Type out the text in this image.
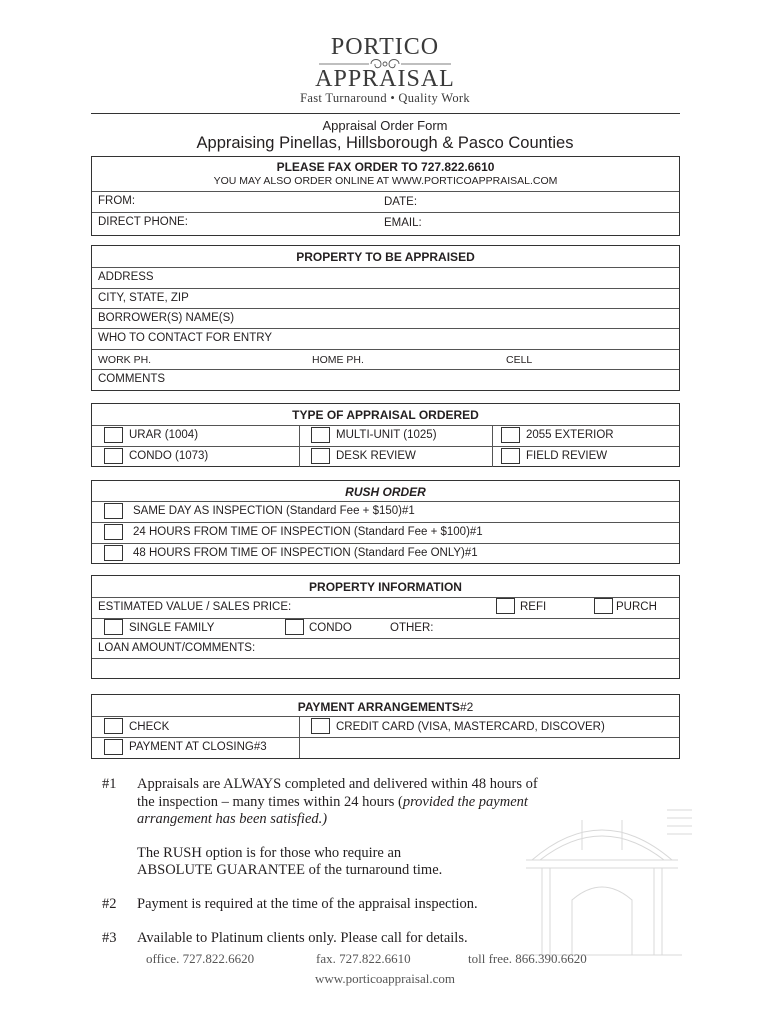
PORTICO
APPRAISAL
Fast Turnaround • Quality Work
Appraisal Order Form
Appraising Pinellas, Hillsborough & Pasco Counties
PLEASE FAX ORDER TO 727.822.6610
YOU MAY ALSO ORDER ONLINE AT WWW.PORTICOAPPRAISAL.COM
FROM:	DATE:
DIRECT PHONE:	EMAIL:
PROPERTY TO BE APPRAISED
ADDRESS
CITY, STATE, ZIP
BORROWER(S) NAME(S)
WHO TO CONTACT FOR ENTRY
WORK PH.	HOME PH.	CELL
COMMENTS
TYPE OF APPRAISAL ORDERED
URAR (1004)	MULTI-UNIT (1025)	2055 EXTERIOR
CONDO (1073)	DESK REVIEW	FIELD REVIEW
RUSH ORDER
SAME DAY AS INSPECTION (Standard Fee + $150)#1
24 HOURS FROM TIME OF INSPECTION (Standard Fee + $100)#1
48 HOURS FROM TIME OF INSPECTION (Standard Fee ONLY)#1
PROPERTY INFORMATION
ESTIMATED VALUE / SALES PRICE:	REFI	PURCH
SINGLE FAMILY	CONDO	OTHER:
LOAN AMOUNT/COMMENTS:
PAYMENT ARRANGEMENTS#2
CHECK	CREDIT CARD (VISA, MASTERCARD, DISCOVER)
PAYMENT AT CLOSING#3
#1 Appraisals are ALWAYS completed and delivered within 48 hours of
the inspection – many times within 24 hours (provided the payment
arrangement has been satisfied.)
The RUSH option is for those who require an
ABSOLUTE GUARANTEE of the turnaround time.
#2 Payment is required at the time of the appraisal inspection.
#3 Available to Platinum clients only. Please call for details.
office. 727.822.6620	fax. 727.822.6610	toll free. 866.390.6620
www.porticoappraisal.com
